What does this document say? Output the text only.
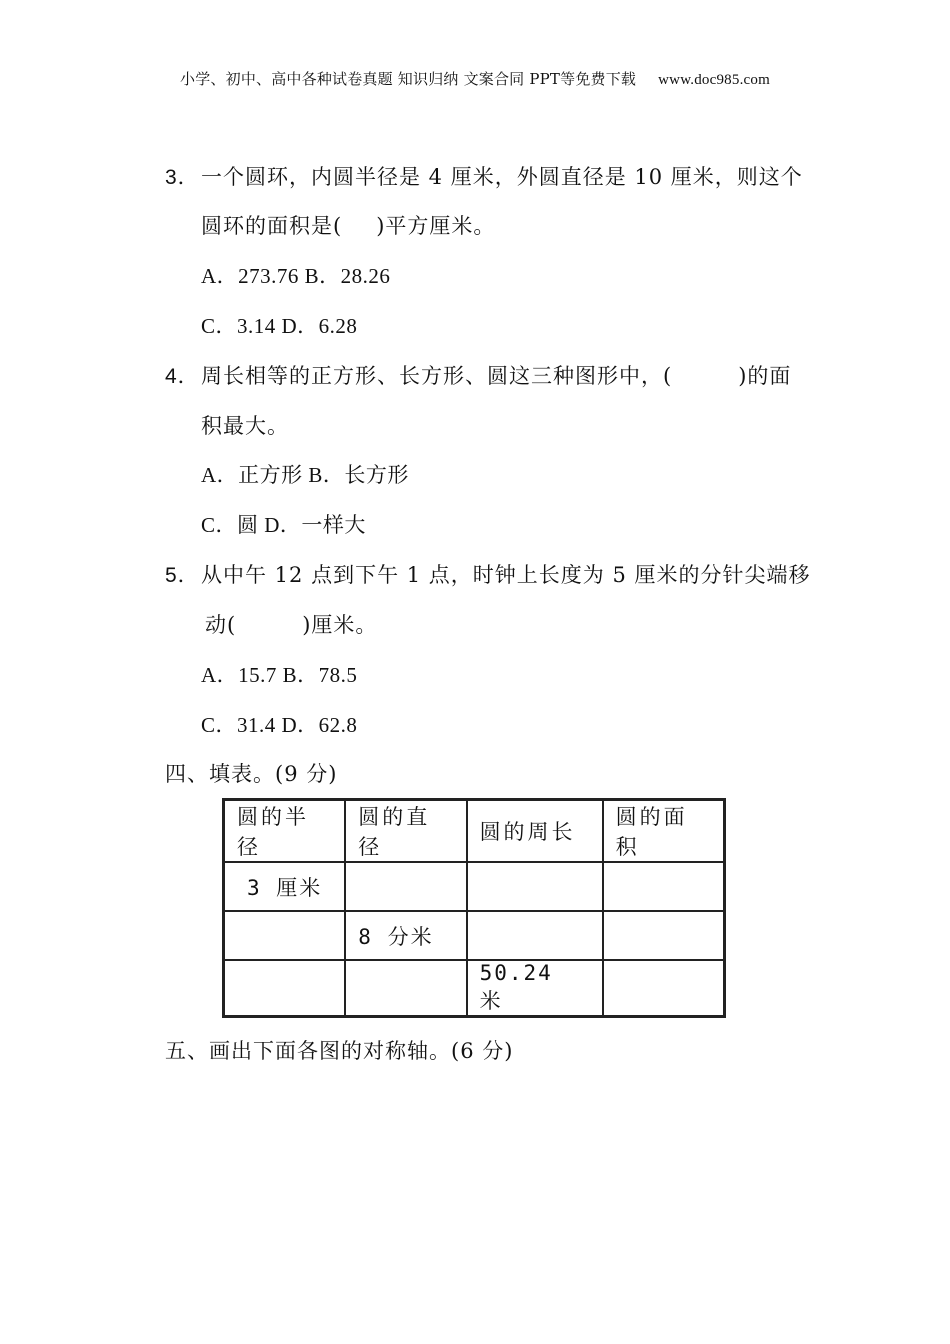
小学、初中、高中各种试卷真题 知识归纳 文案合同 PPT等免费下载 www.doc985.com
3．一个圆环，内圆半径是 4 厘米，外圆直径是 10 厘米，则这个
圆环的面积是( )平方厘米。
A．273.76 B．28.26
C．3.14 D．6.28
4．周长相等的正方形、长方形、圆这三种图形中，(	)的面
积最大。
A．正方形 B．长方形
C．圆 D．一样大
5．从中午 12 点到下午 1 点，时钟上长度为 5 厘米的分针尖端移
动(	)厘米。
A．15.7 B．78.5
C．31.4 D．62.8
四、填表。(9 分)
圆的半径	圆的直径	圆的周长	圆的面积
3 厘米			
	8 分米		
		50.24 米	
五、画出下面各图的对称轴。(6 分)
